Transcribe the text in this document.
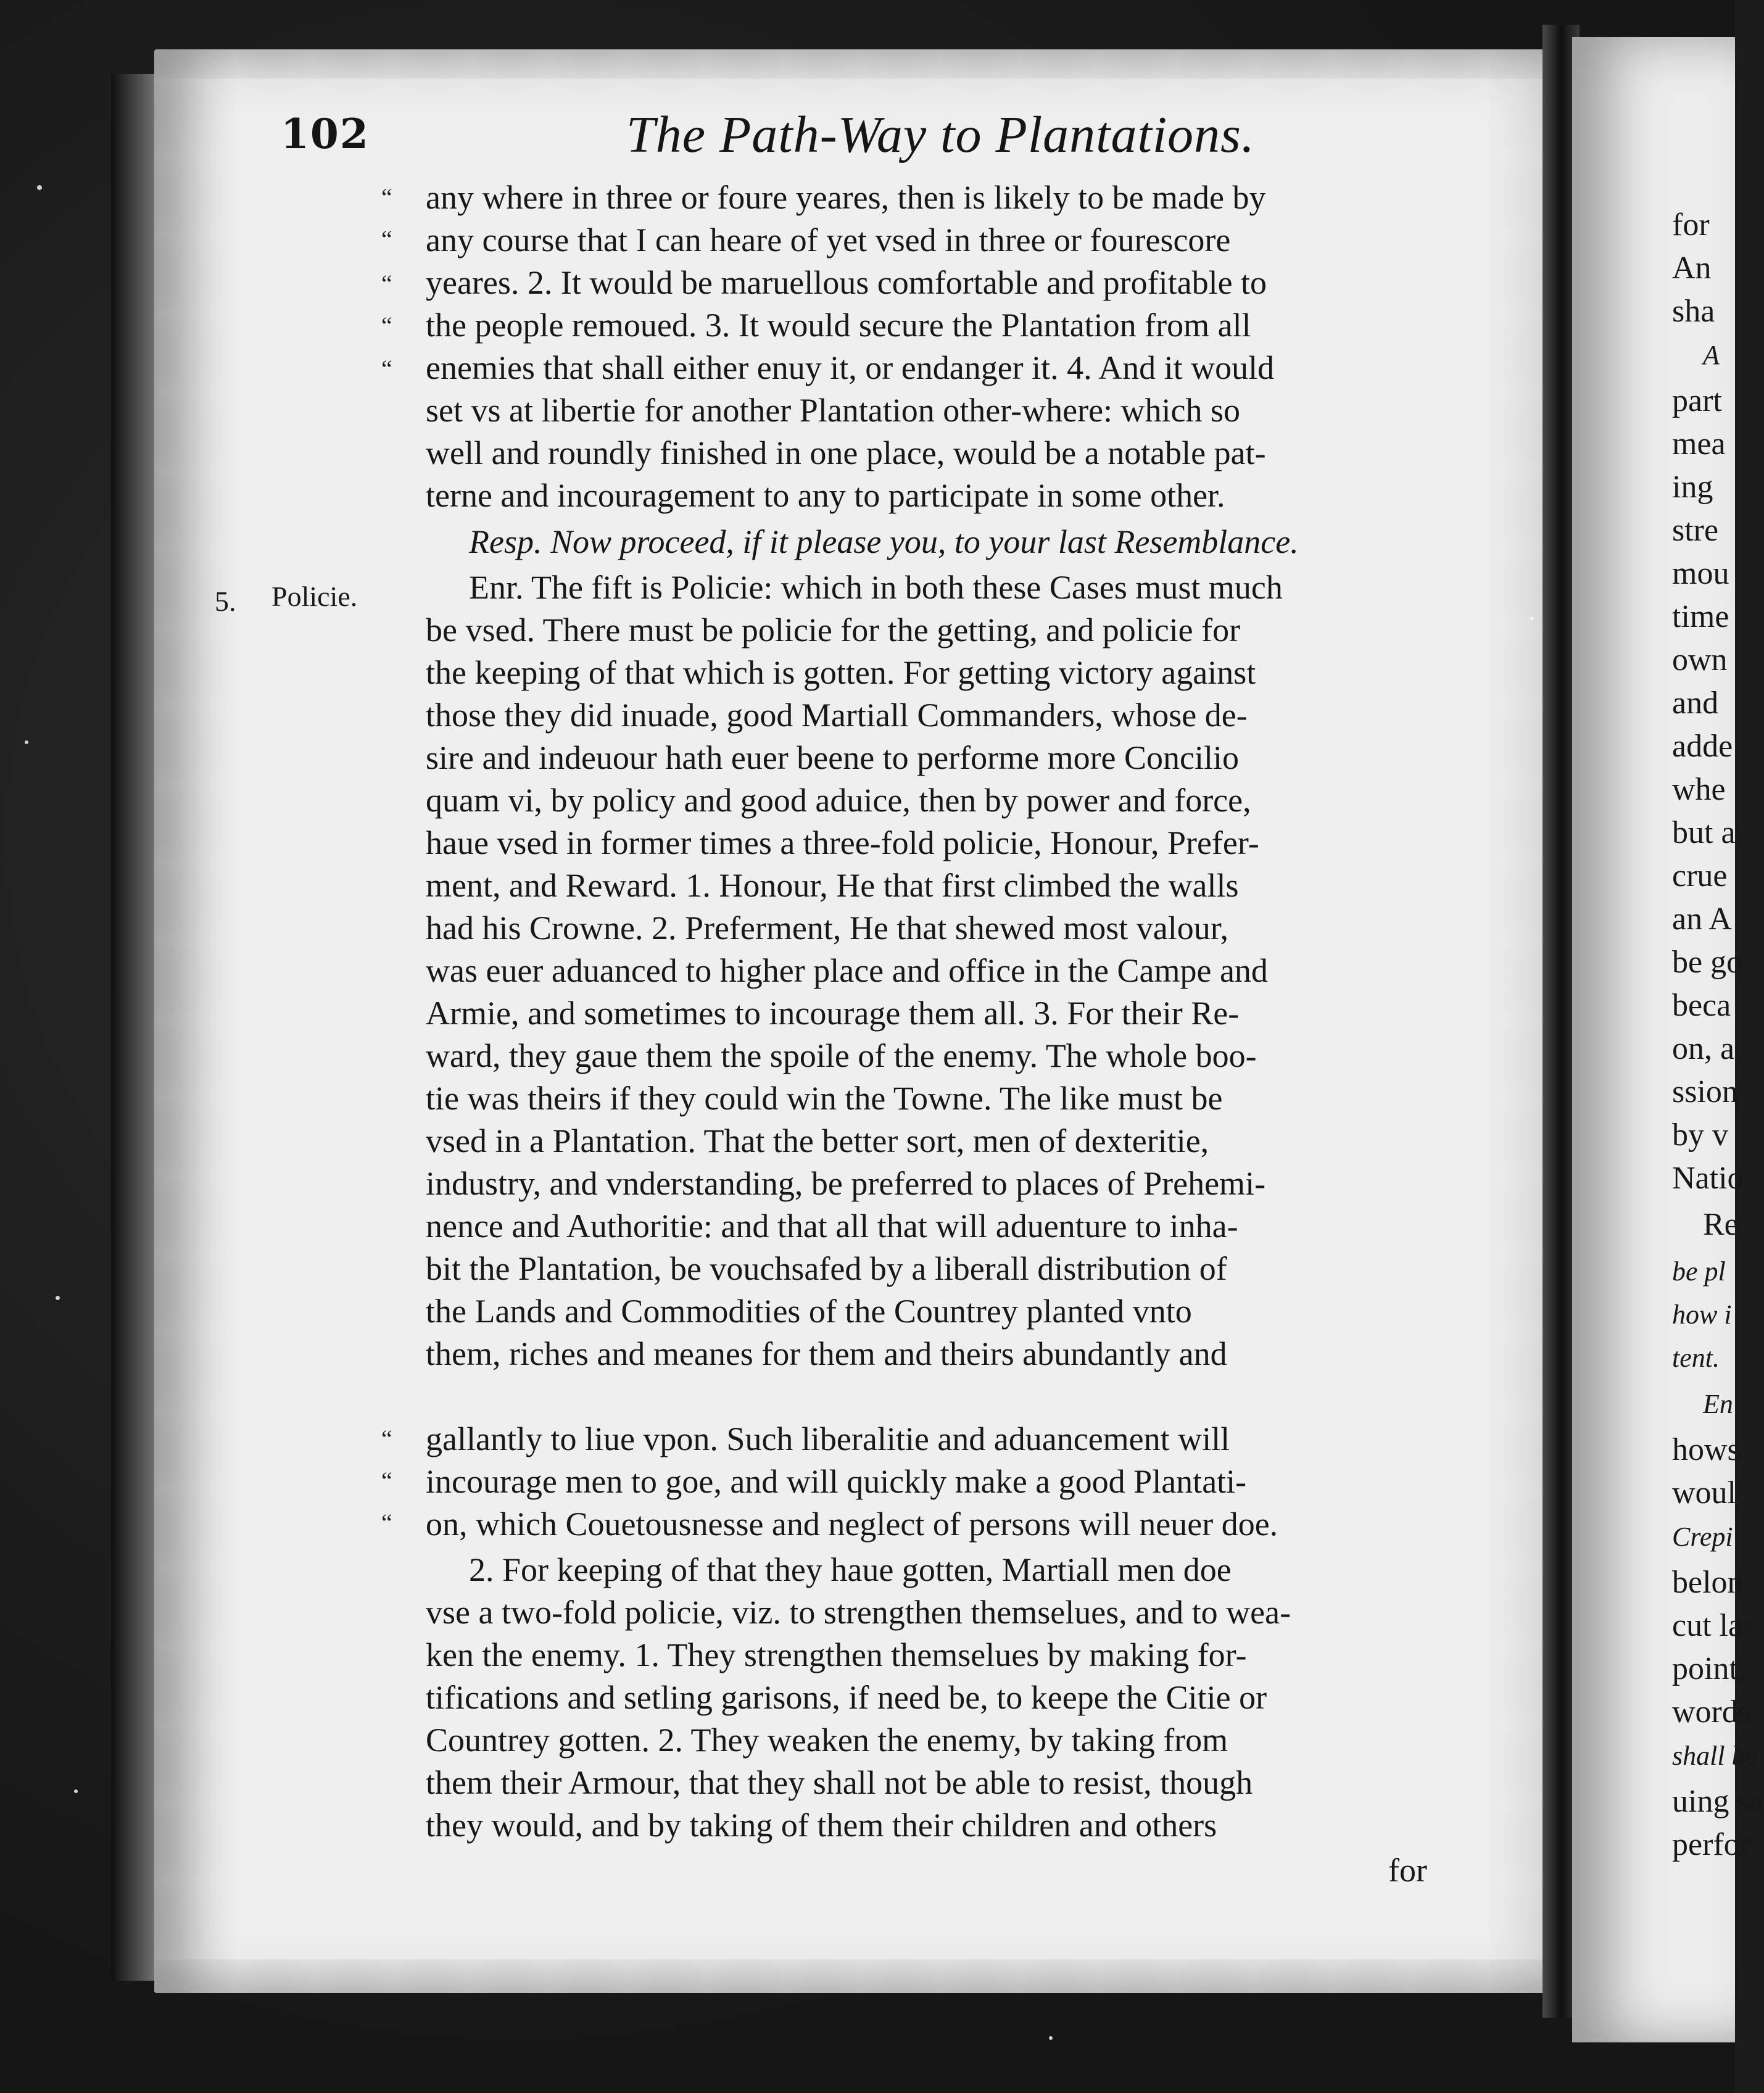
102	The Path-Way to Plantations.
5. Policie.
“
“
“
“
“
“
“
“
any where in three or foure yeares, then is likely to be made by
any course that I can heare of yet vsed in three or fourescore
yeares. 2. It would be maruellous comfortable and profitable to
the people remoued. 3. It would secure the Plantation from all
enemies that shall either enuy it, or endanger it. 4. And it would
set vs at libertie for another Plantation other-where: which so
well and roundly finished in one place, would be a notable pat-
terne and incouragement to any to participate in some other.
Resp. Now proceed, if it please you, to your last Resemblance.
Enr. The fift is Policie: which in both these Cases must much
be vsed. There must be policie for the getting, and policie for
the keeping of that which is gotten. For getting victory against
those they did inuade, good Martiall Commanders, whose de-
sire and indeuour hath euer beene to performe more Concilio
quam vi, by policy and good aduice, then by power and force,
haue vsed in former times a three-fold policie, Honour, Prefer-
ment, and Reward. 1. Honour, He that first climbed the walls
had his Crowne. 2. Preferment, He that shewed most valour,
was euer aduanced to higher place and office in the Campe and
Armie, and sometimes to incourage them all. 3. For their Re-
ward, they gaue them the spoile of the enemy. The whole boo-
tie was theirs if they could win the Towne. The like must be
vsed in a Plantation. That the better sort, men of dexteritie,
industry, and vnderstanding, be preferred to places of Prehemi-
nence and Authoritie: and that all that will aduenture to inha-
bit the Plantation, be vouchsafed by a liberall distribution of
the Lands and Commodities of the Countrey planted vnto
them, riches and meanes for them and theirs abundantly and
gallantly to liue vpon. Such liberalitie and aduancement will
incourage men to goe, and will quickly make a good Plantati-
on, which Couetousnesse and neglect of persons will neuer doe.
2. For keeping of that they haue gotten, Martiall men doe
vse a two-fold policie, viz. to strengthen themselues, and to wea-
ken the enemy. 1. They strengthen themselues by making for-
tifications and setling garisons, if need be, to keepe the Citie or
Countrey gotten. 2. They weaken the enemy, by taking from
them their Armour, that they shall not be able to resist, though
they would, and by taking of them their children and others
for
for
An
sha
A
part
mea
ing
stre
mou
time
own
and
adde
whe
but a
crue
an A
be go
beca
on, a
ssion
by v
Natio
Re
be pl
how i
tent.
En
hows
woul
Crepi
belon
cut lar
point,
words
shall be
uing sa
perfor
